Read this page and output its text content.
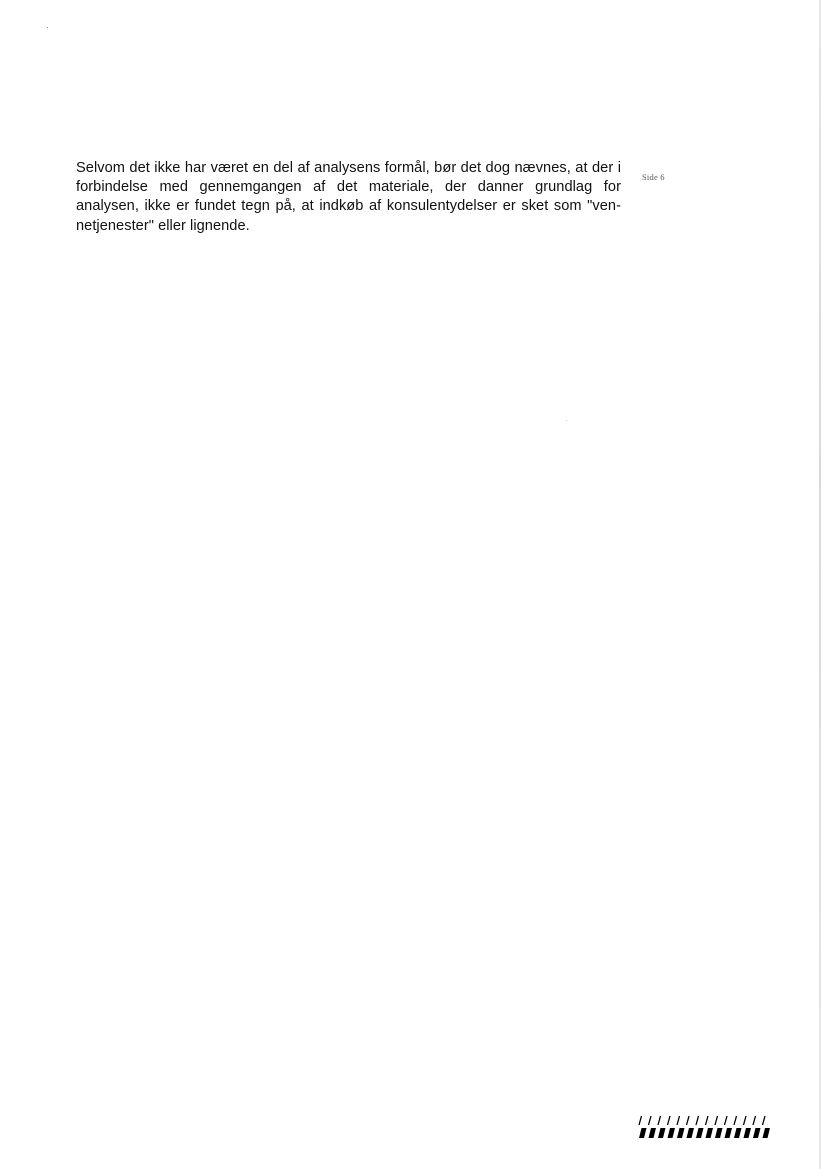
Selvom det ikke har været en del af analysens formål, bør det dog nævnes, at der i forbindelse med gennemgangen af det materiale, der danner grundlag for analysen, ikke er fundet tegn på, at indkøb af konsulentydelser er sket som "ven- netjenester" eller lignende.

Side 6
